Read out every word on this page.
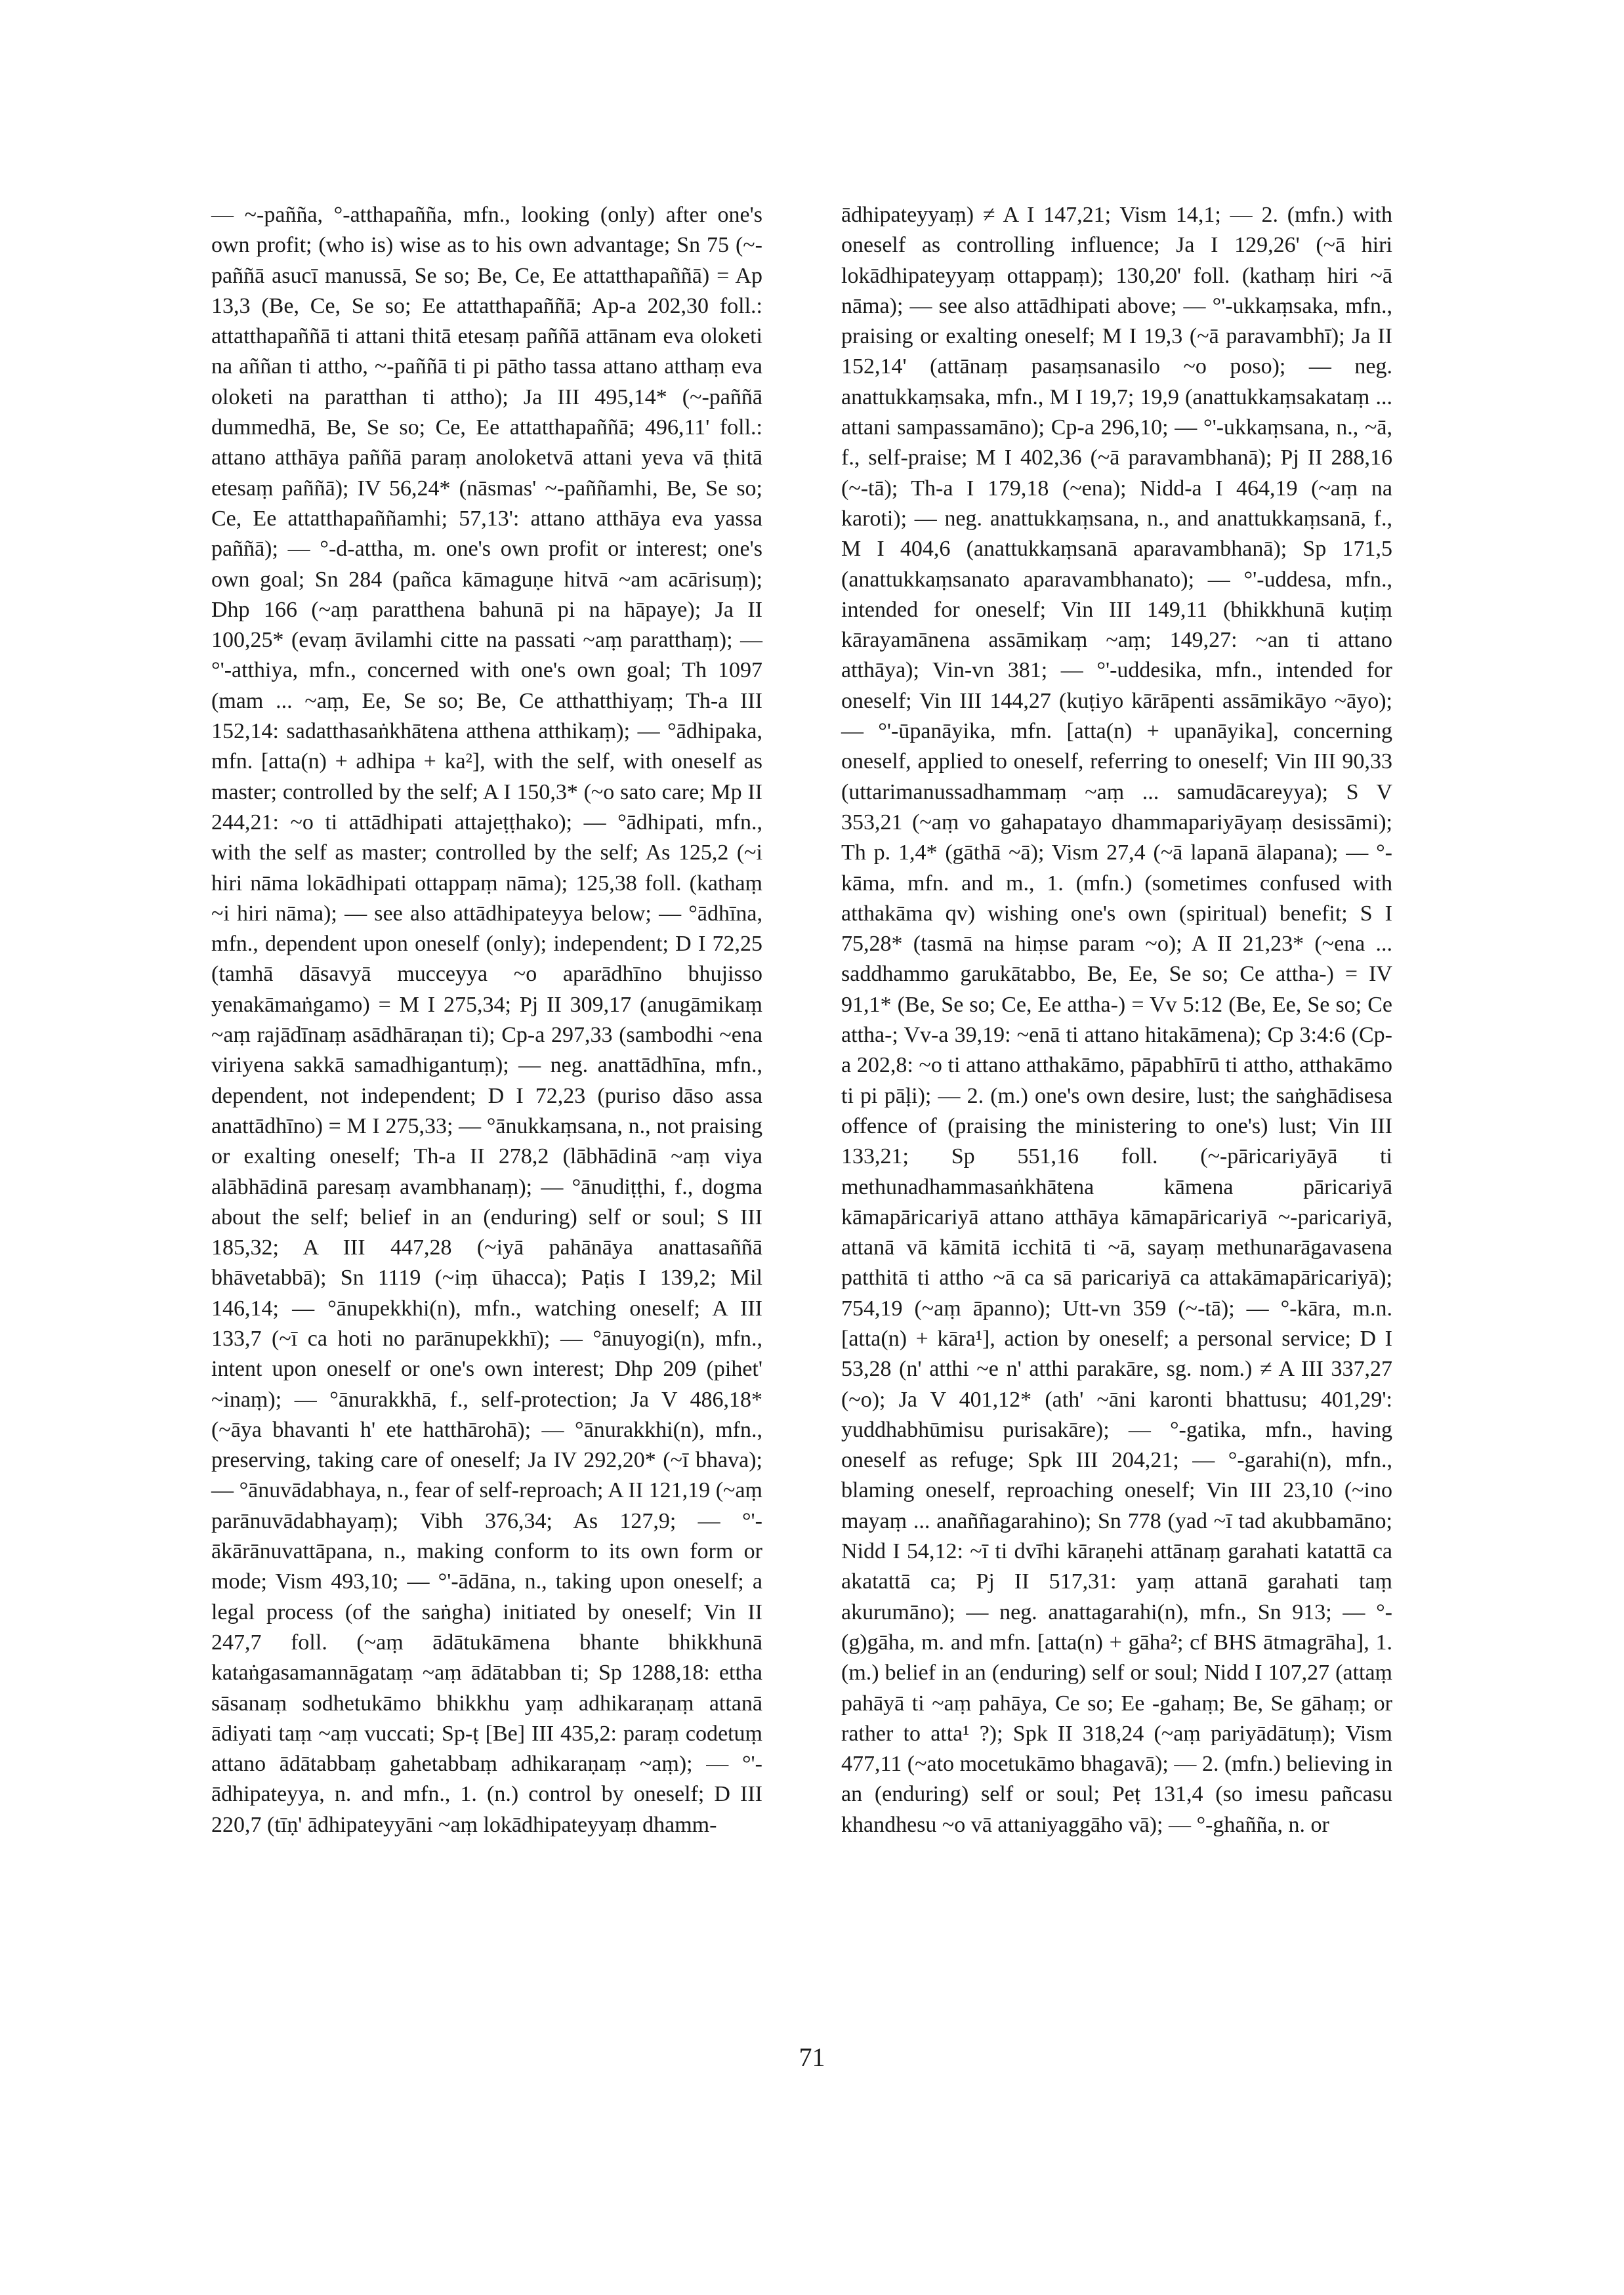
— ~-pañña, °-atthapañña, mfn., looking (only) after one's own profit; (who is) wise as to his own advantage; Sn 75 (~-paññā asucī manussā, Se so; Be, Ce, Ee attatthapaññā) = Ap 13,3 (Be, Ce, Se so; Ee attatthapaññā; Ap-a 202,30 foll.: attatthapaññā ti attani thitā etesaṃ paññā attānam eva oloketi na aññan ti attho, ~-paññā ti pi pātho tassa attano atthaṃ eva oloketi na paratthan ti attho); Ja III 495,14* (~-paññā dummedhā, Be, Se so; Ce, Ee attatthapaññā; 496,11' foll.: attano atthāya paññā paraṃ anoloketvā attani yeva vā ṭhitā etesaṃ paññā); IV 56,24* (nāsmas' ~-paññamhi, Be, Se so; Ce, Ee attatthapaññamhi; 57,13': attano atthāya eva yassa paññā); — °-d-attha, m. one's own profit or interest; one's own goal; Sn 284 (pañca kāmaguṇe hitvā ~am acārisuṃ); Dhp 166 (~aṃ paratthena bahunā pi na hāpaye); Ja II 100,25* (evaṃ āvilamhi citte na passati ~aṃ paratthaṃ); — °'-atthiya, mfn., concerned with one's own goal; Th 1097 (mam ... ~aṃ, Ee, Se so; Be, Ce atthatthiyaṃ; Th-a III 152,14: sadatthasaṅkhātena atthena atthikaṃ); — °ādhipaka, mfn. [atta(n) + adhipa + ka²], with the self, with oneself as master; controlled by the self; A I 150,3* (~o sato care; Mp II 244,21: ~o ti attādhipati attajeṭṭhako); — °ādhipati, mfn., with the self as master; controlled by the self; As 125,2 (~i hiri nāma lokādhipati ottappaṃ nāma); 125,38 foll. (kathaṃ ~i hiri nāma); — see also attādhipateyya below; — °ādhīna, mfn., dependent upon oneself (only); independent; D I 72,25 (tamhā dāsavyā mucceyya ~o aparādhīno bhujisso yenakāmaṅgamo) = M I 275,34; Pj II 309,17 (anugāmikaṃ ~aṃ rajādīnaṃ asādhāraṇan ti); Cp-a 297,33 (sambodhi ~ena viriyena sakkā samadhigantuṃ); — neg. anattādhīna, mfn., dependent, not independent; D I 72,23 (puriso dāso assa anattādhīno) = M I 275,33; — °ānukkaṃsana, n., not praising or exalting oneself; Th-a II 278,2 (lābhādinā ~aṃ viya alābhādinā paresaṃ avambhanaṃ); — °ānudiṭṭhi, f., dogma about the self; belief in an (enduring) self or soul; S III 185,32; A III 447,28 (~iyā pahānāya anattasaññā bhāvetabbā); Sn 1119 (~iṃ ūhacca); Paṭis I 139,2; Mil 146,14; — °ānupekkhi(n), mfn., watching oneself; A III 133,7 (~ī ca hoti no parānupekkhī); — °ānuyogi(n), mfn., intent upon oneself or one's own interest; Dhp 209 (pihet' ~inaṃ); — °ānurakkhā, f., self-protection; Ja V 486,18* (~āya bhavanti h' ete hatthārohā); — °ānurakkhi(n), mfn., preserving, taking care of oneself; Ja IV 292,20* (~ī bhava); — °ānuvādabhaya, n., fear of self-reproach; A II 121,19 (~aṃ parānuvādabhayaṃ); Vibh 376,34; As 127,9; — °'-ākārānuvattāpana, n., making conform to its own form or mode; Vism 493,10; — °'-ādāna, n., taking upon oneself; a legal process (of the saṅgha) initiated by oneself; Vin II 247,7 foll. (~aṃ ādātukāmena bhante bhikkhunā kataṅgasamannāgataṃ ~aṃ ādātabban ti; Sp 1288,18: ettha sāsanaṃ sodhetukāmo bhikkhu yaṃ adhikaraṇaṃ attanā ādiyati taṃ ~aṃ vuccati; Sp-ṭ [Be] III 435,2: paraṃ codetuṃ attano ādātabbaṃ gahetabbaṃ adhikaraṇaṃ ~aṃ); — °'-ādhipateyya, n. and mfn., 1. (n.) control by oneself; D III 220,7 (tīṇ' ādhipateyyāni ~aṃ lokādhipateyyaṃ dhamm-

ādhipateyyaṃ) ≠ A I 147,21; Vism 14,1; — 2. (mfn.) with oneself as controlling influence; Ja I 129,26' (~ā hiri lokādhipateyyaṃ ottappaṃ); 130,20' foll. (kathaṃ hiri ~ā nāma); — see also attādhipati above; — °'-ukkaṃsaka, mfn., praising or exalting oneself; M I 19,3 (~ā paravambhī); Ja II 152,14' (attānaṃ pasaṃsanasilo ~o poso); — neg. anattukkaṃsaka, mfn., M I 19,7; 19,9 (anattukkaṃsakataṃ ... attani sampassamāno); Cp-a 296,10; — °'-ukkaṃsana, n., ~ā, f., self-praise; M I 402,36 (~ā paravambhanā); Pj II 288,16 (~-tā); Th-a I 179,18 (~ena); Nidd-a I 464,19 (~aṃ na karoti); — neg. anattukkaṃsana, n., and anattukkaṃsanā, f., M I 404,6 (anattukkaṃsanā aparavambhanā); Sp 171,5 (anattukkaṃsanato aparavambhanato); — °'-uddesa, mfn., intended for oneself; Vin III 149,11 (bhikkhunā kuṭiṃ kārayamānena assāmikaṃ ~aṃ; 149,27: ~an ti attano atthāya); Vin-vn 381; — °'-uddesika, mfn., intended for oneself; Vin III 144,27 (kuṭiyo kārāpenti assāmikāyo ~āyo); — °'-ūpanāyika, mfn. [atta(n) + upanāyika], concerning oneself, applied to oneself, referring to oneself; Vin III 90,33 (uttarimanussadhammaṃ ~aṃ ... samudācareyya); S V 353,21 (~aṃ vo gahapatayo dhammapariyāyaṃ desissāmi); Th p. 1,4* (gāthā ~ā); Vism 27,4 (~ā lapanā ālapana); — °-kāma, mfn. and m., 1. (mfn.) (sometimes confused with atthakāma qv) wishing one's own (spiritual) benefit; S I 75,28* (tasmā na hiṃse param ~o); A II 21,23* (~ena ... saddhammo garukātabbo, Be, Ee, Se so; Ce attha-) = IV 91,1* (Be, Se so; Ce, Ee attha-) = Vv 5:12 (Be, Ee, Se so; Ce attha-; Vv-a 39,19: ~enā ti attano hitakāmena); Cp 3:4:6 (Cp-a 202,8: ~o ti attano atthakāmo, pāpabhīrū ti attho, atthakāmo ti pi pāḷi); — 2. (m.) one's own desire, lust; the saṅghādisesa offence of (praising the ministering to one's) lust; Vin III 133,21; Sp 551,16 foll. (~-pāricariyāyā ti methunadhammasaṅkhātena kāmena pāricariyā kāmapāricariyā attano atthāya kāmapāricariyā ~-paricariyā, attanā vā kāmitā icchitā ti ~ā, sayaṃ methunarāgavasena patthitā ti attho ~ā ca sā paricariyā ca attakāmapāricariyā); 754,19 (~aṃ āpanno); Utt-vn 359 (~-tā); — °-kāra, m.n. [atta(n) + kāra¹], action by oneself; a personal service; D I 53,28 (n' atthi ~e n' atthi parakāre, sg. nom.) ≠ A III 337,27 (~o); Ja V 401,12* (ath' ~āni karonti bhattusu; 401,29': yuddhabhūmisu purisakāre); — °-gatika, mfn., having oneself as refuge; Spk III 204,21; — °-garahi(n), mfn., blaming oneself, reproaching oneself; Vin III 23,10 (~ino mayaṃ ... anaññagarahino); Sn 778 (yad ~ī tad akubbamāno; Nidd I 54,12: ~ī ti dvīhi kāraṇehi attānaṃ garahati katattā ca akatattā ca; Pj II 517,31: yaṃ attanā garahati taṃ akurumāno); — neg. anattagarahi(n), mfn., Sn 913; — °-(g)gāha, m. and mfn. [atta(n) + gāha²; cf BHS ātmagrāha], 1. (m.) belief in an (enduring) self or soul; Nidd I 107,27 (attaṃ pahāyā ti ~aṃ pahāya, Ce so; Ee -gahaṃ; Be, Se gāhaṃ; or rather to atta¹ ?); Spk II 318,24 (~aṃ pariyādātuṃ); Vism 477,11 (~ato mocetukāmo bhagavā); — 2. (mfn.) believing in an (enduring) self or soul; Peṭ 131,4 (so imesu pañcasu khandhesu ~o vā attaniyaggāho vā); — °-ghañña, n. or

71
